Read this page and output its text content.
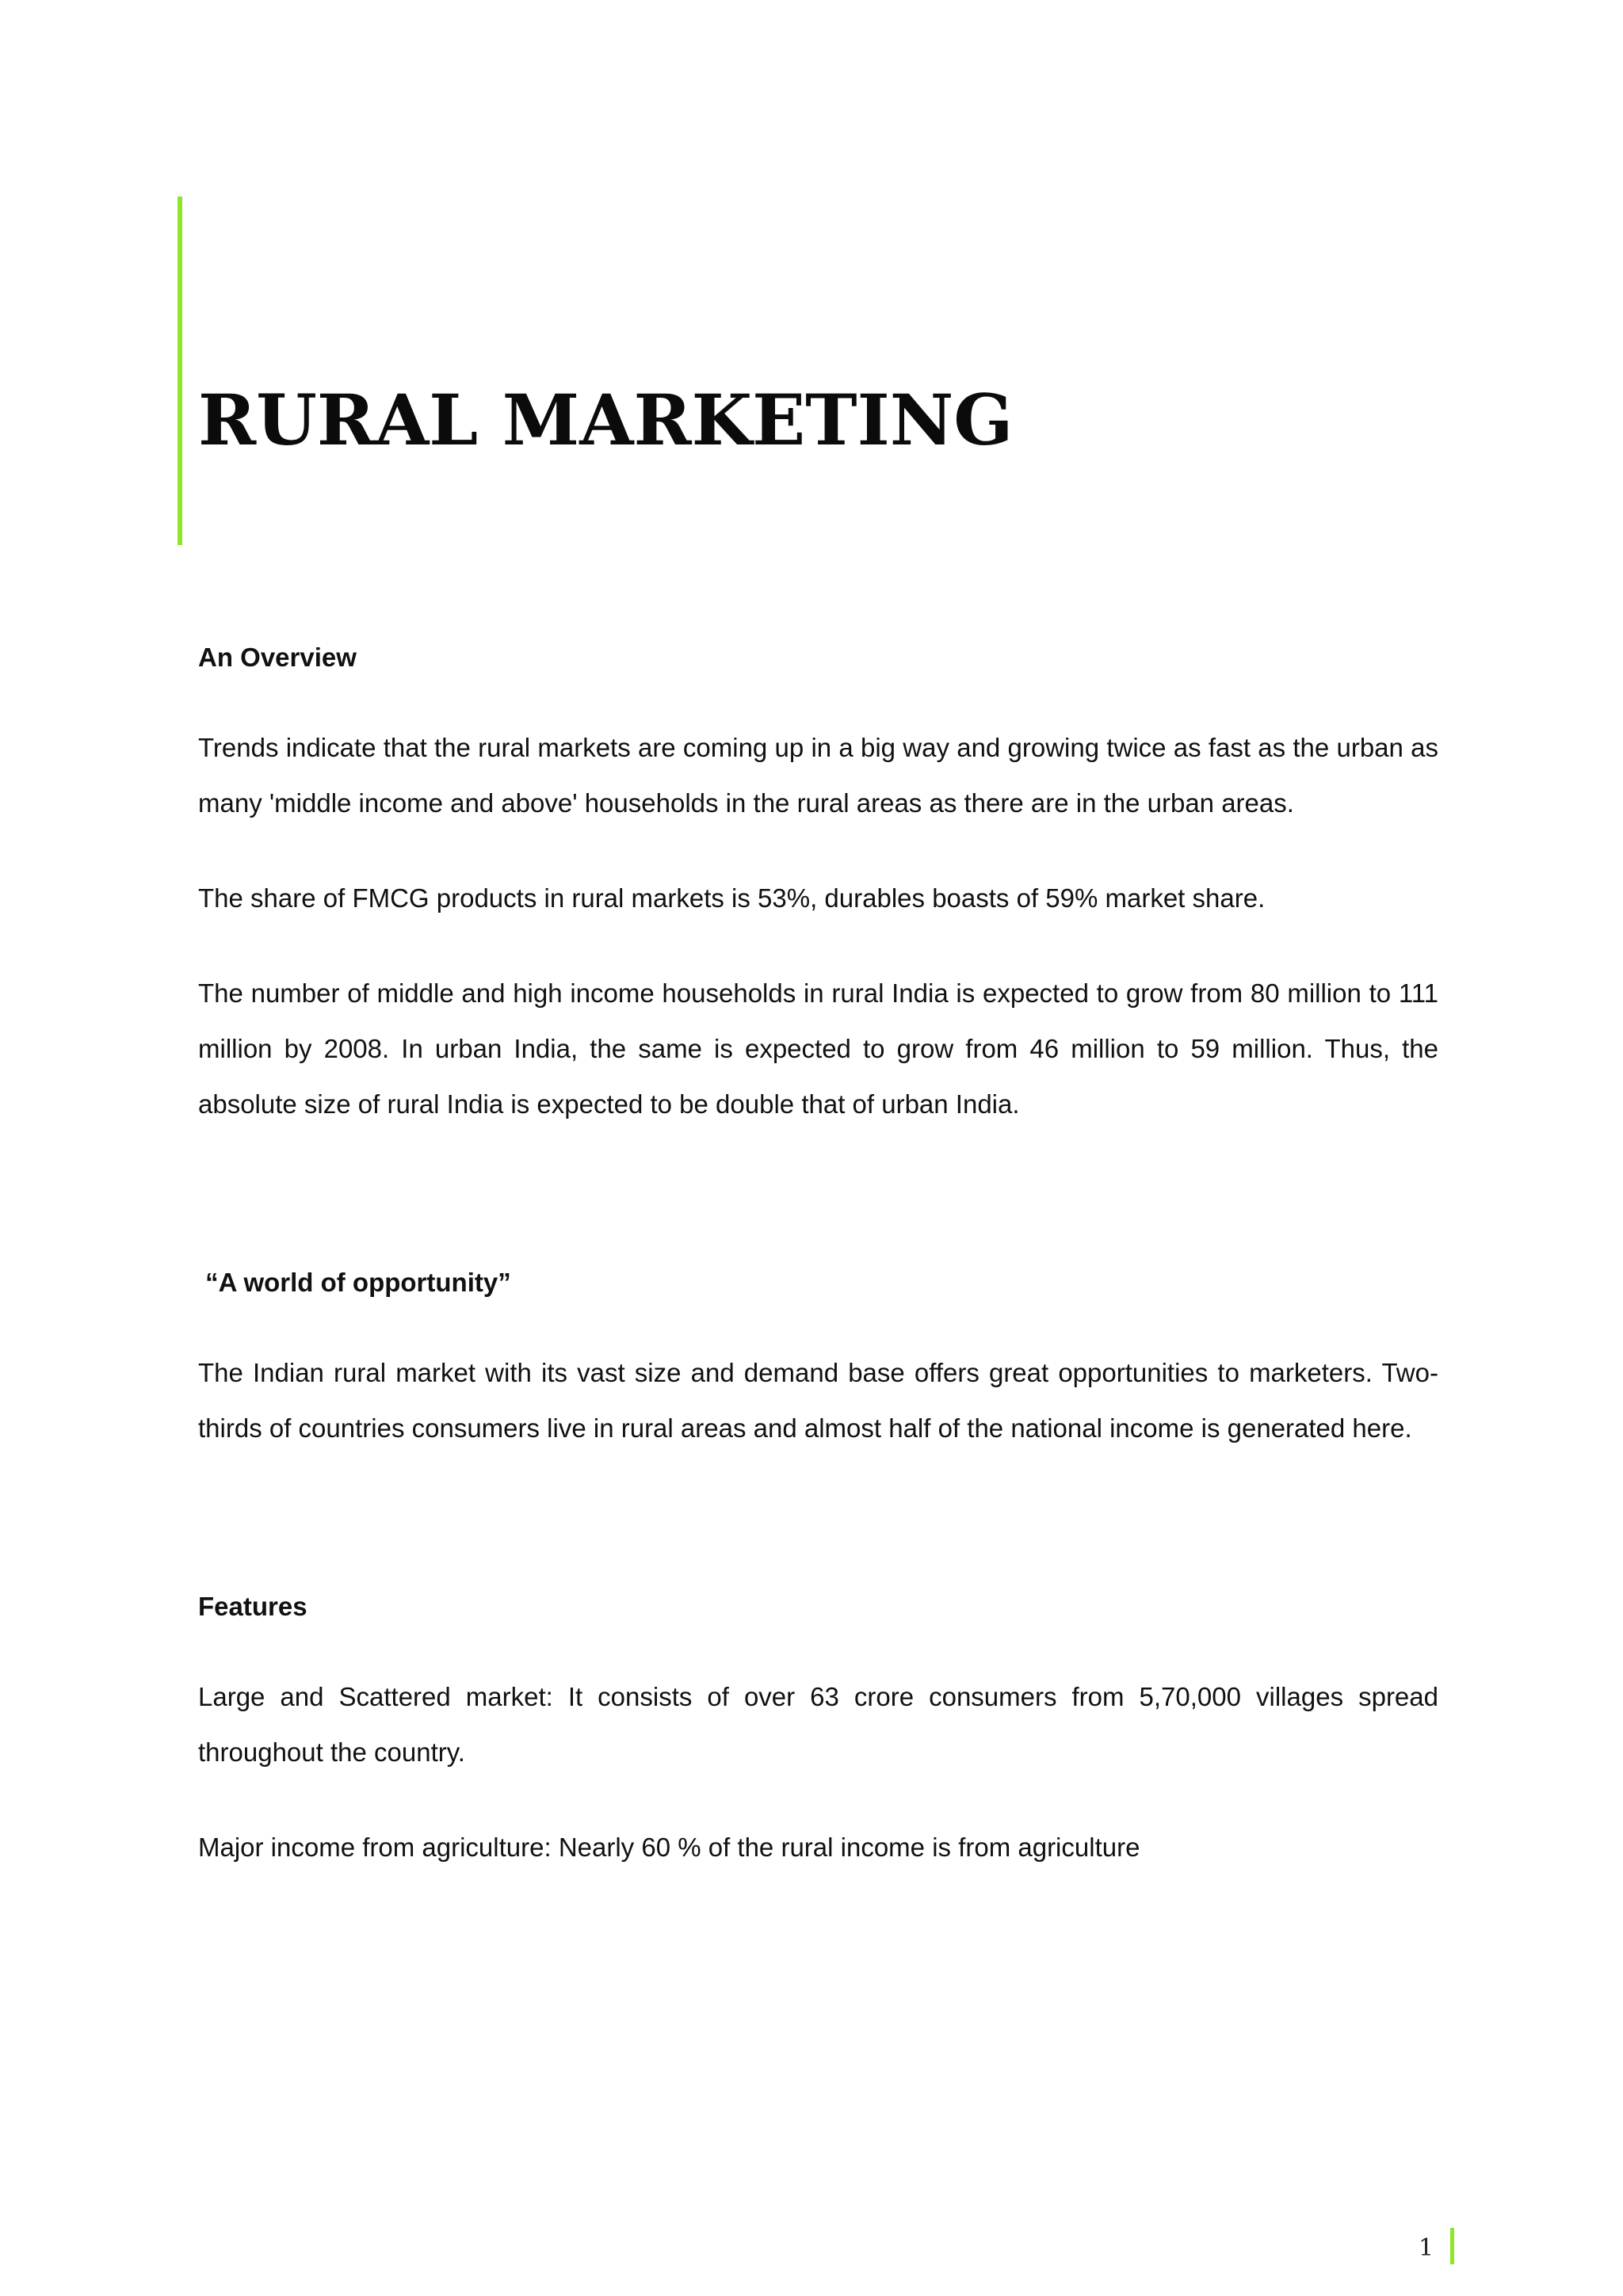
RURAL MARKETING
An Overview

Trends indicate that the rural markets are coming up in a big way and growing twice as fast as the urban as many 'middle income and above' households in the rural areas as there are in the urban areas.

The share of FMCG products in rural markets is 53%, durables boasts of 59% market share.

The number of middle and high income households in rural India is expected to grow from 80 million to 111 million by 2008. In urban India, the same is expected to grow from 46 million to 59 million. Thus, the absolute size of rural India is expected to be double that of urban India.

“A world of opportunity”

The Indian rural market with its vast size and demand base offers great opportunities to marketers. Two-thirds of countries consumers live in rural areas and almost half of the national income is generated here.

Features

Large and Scattered market: It consists of over 63 crore consumers from 5,70,000 villages spread throughout the country.

Major income from agriculture: Nearly 60 % of the rural income is from agriculture

1
